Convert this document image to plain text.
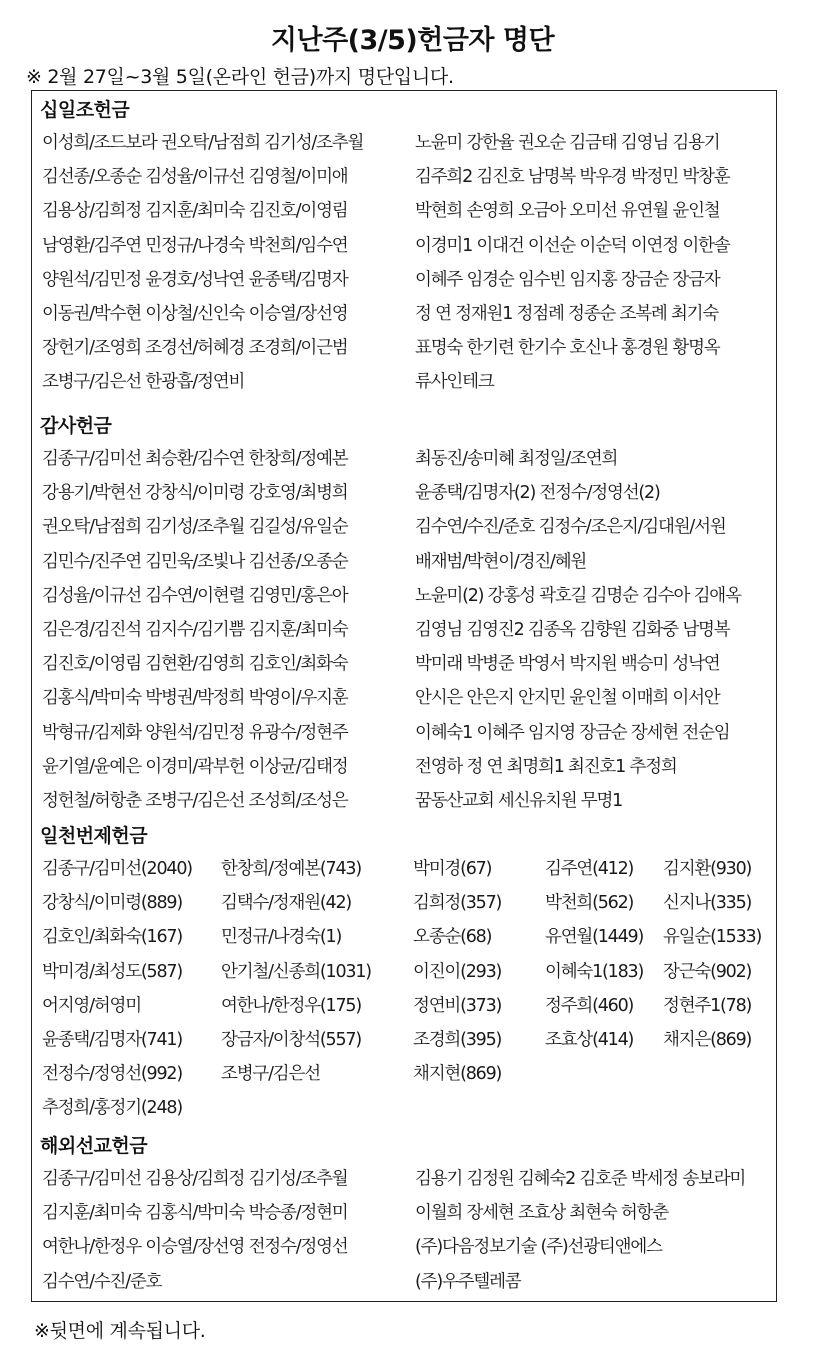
지난주(3/5)헌금자 명단
※ 2월 27일~3월 5일(온라인 헌금)까지 명단입니다.
십일조헌금
이성희/조드보라 권오탁/남점희 김기성/조추월	노윤미 강한율 권오순 김금태 김영님 김용기
김선종/오종순 김성율/이규선 김영철/이미애	김주희2 김진호 남명복 박우경 박정민 박창훈
김용상/김희정 김지훈/최미숙 김진호/이영림	박현희 손영희 오금아 오미선 유연월 윤인철
남영환/김주연 민정규/나경숙 박천희/임수연	이경미1 이대건 이선순 이순덕 이연정 이한솔
양원석/김민정 윤경호/성낙연 윤종택/김명자	이혜주 임경순 임수빈 임지홍 장금순 장금자
이동권/박수현 이상철/신인숙 이승열/장선영	정 연 정재원1 정점례 정종순 조복례 최기숙
장헌기/조영희 조경선/허혜경 조경희/이근범	표명숙 한기련 한기수 호신나 홍경원 황명옥
조병구/김은선 한광흡/정연비	류사인테크
감사헌금
김종구/김미선 최승환/김수연 한창희/정예본	최동진/송미혜 최정일/조연희
강용기/박현선 강창식/이미령 강호영/최병희	윤종택/김명자(2) 전정수/정영선(2)
권오탁/남점희 김기성/조추월 김길성/유일순	김수연/수진/준호 김정수/조은지/김대원/서원
김민수/진주연 김민욱/조빛나 김선종/오종순	배재범/박현이/경진/혜원
김성율/이규선 김수연/이현렬 김영민/홍은아	노윤미(2) 강홍성 곽호길 김명순 김수아 김애옥
김은경/김진석 김지수/김기쁨 김지훈/최미숙	김영님 김영진2 김종옥 김향원 김화중 남명복
김진호/이영림 김현환/김영희 김호인/최화숙	박미래 박병준 박영서 박지원 백승미 성낙연
김홍식/박미숙 박병권/박정희 박영이/우지훈	안시은 안은지 안지민 윤인철 이매희 이서안
박형규/김제화 양원석/김민정 유광수/정현주	이혜숙1 이혜주 임지영 장금순 장세현 전순임
윤기열/윤예은 이경미/곽부헌 이상균/김태정	전영하 정 연 최명희1 최진호1 추정희
정헌철/허항춘 조병구/김은선 조성희/조성은	꿈동산교회 세신유치원 무명1
일천번제헌금
김종구/김미선(2040)	한창희/정예본(743)	박미경(67)	김주연(412)	김지환(930)
강창식/이미령(889)	김택수/정재원(42)	김희정(357)	박천희(562)	신지나(335)
김호인/최화숙(167)	민정규/나경숙(1)	오종순(68)	유연월(1449)	유일순(1533)
박미경/최성도(587)	안기철/신종희(1031)	이진이(293)	이혜숙1(183)	장근숙(902)
어지영/허영미	여한나/한정우(175)	정연비(373)	정주희(460)	정현주1(78)
윤종택/김명자(741)	장금자/이창석(557)	조경희(395)	조효상(414)	채지은(869)
전정수/정영선(992)	조병구/김은선	채지현(869)
추정희/홍정기(248)
해외선교헌금
김종구/김미선 김용상/김희정 김기성/조추월	김용기 김정원 김혜숙2 김호준 박세정 송보라미
김지훈/최미숙 김홍식/박미숙 박승종/정현미	이월희 장세현 조효상 최현숙 허항춘
여한나/한정우 이승열/장선영 전정수/정영선	(주)다음정보기술 (주)선광티앤에스
김수연/수진/준호	(주)우주텔레콤
※뒷면에 계속됩니다.
